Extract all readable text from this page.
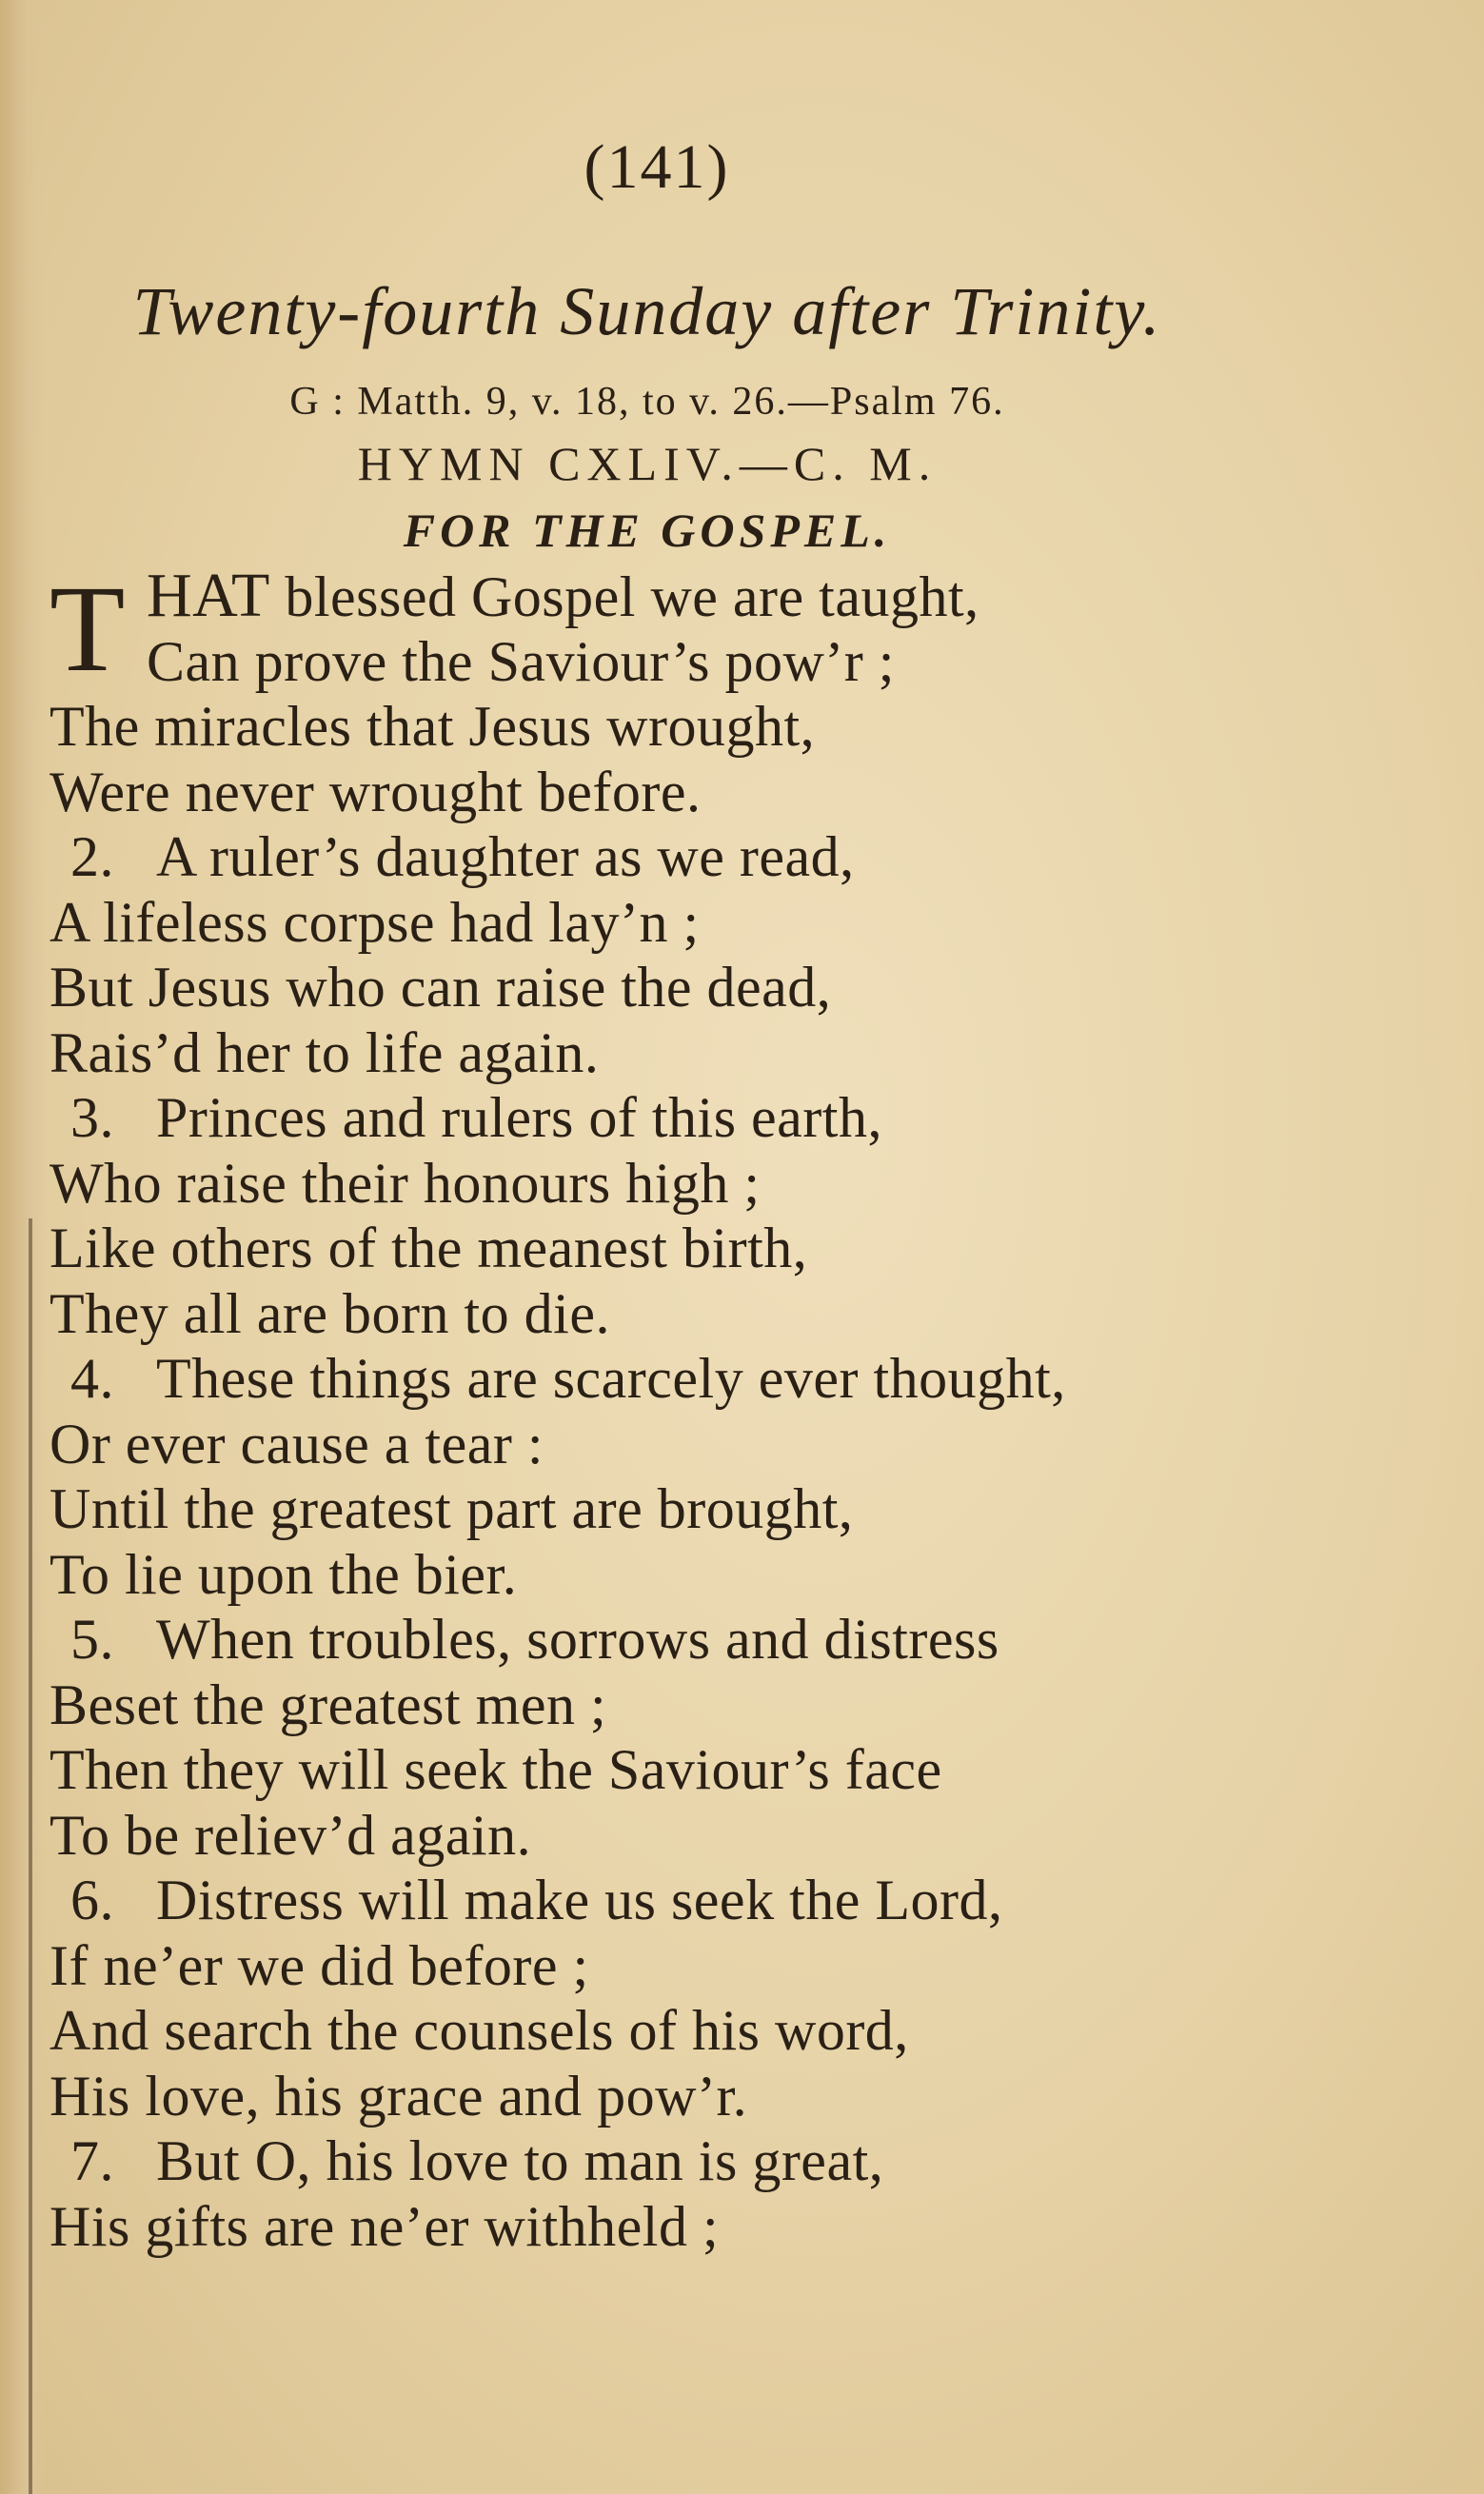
(141)
Twenty-fourth Sunday after Trinity.
G : Matth. 9, v. 18, to v. 26.—Psalm 76.
HYMN CXLIV.—C. M.
FOR THE GOSPEL.
T HAT blessed Gospel we are taught,
Can prove the Saviour’s pow’r ;
The miracles that Jesus wrought,
Were never wrought before.
2. A ruler’s daughter as we read,
A lifeless corpse had lay’n ;
But Jesus who can raise the dead,
Rais’d her to life again.
3. Princes and rulers of this earth,
Who raise their honours high ;
Like others of the meanest birth,
They all are born to die.
4. These things are scarcely ever thought,
Or ever cause a tear :
Until the greatest part are brought,
To lie upon the bier.
5. When troubles, sorrows and distress
Beset the greatest men ;
Then they will seek the Saviour’s face
To be reliev’d again.
6. Distress will make us seek the Lord,
If ne’er we did before ;
And search the counsels of his word,
His love, his grace and pow’r.
7. But O, his love to man is great,
His gifts are ne’er withheld ;
